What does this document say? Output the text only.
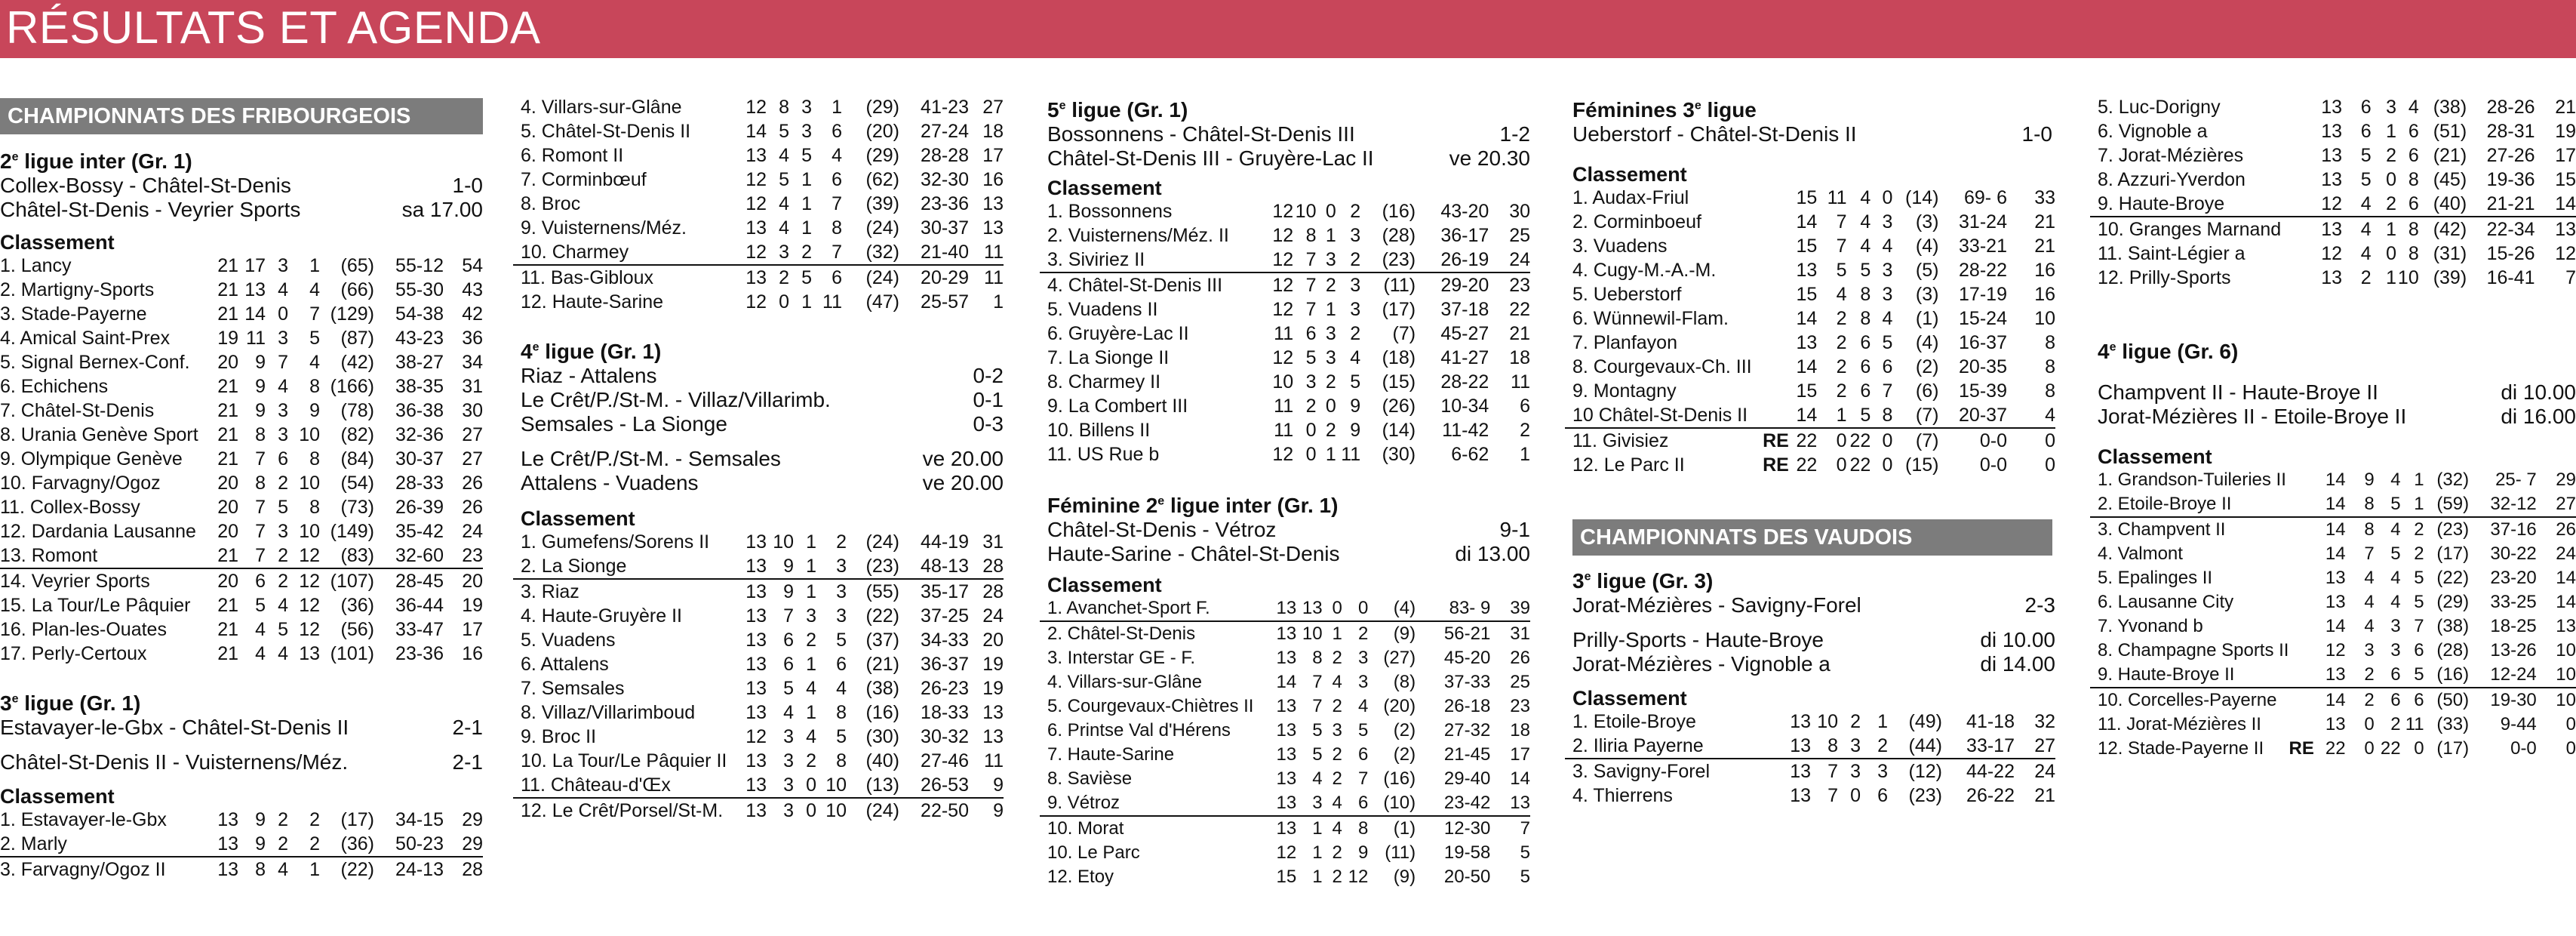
RÉSULTATS ET AGENDA
CHAMPIONNATS DES FRIBOURGEOIS
2e ligue inter (Gr. 1)
Collex-Bossy - Châtel-St-Denis	1-0
Châtel-St-Denis - Veyrier Sports	sa 17.00
Classement
1. Lancy	21	17	3	1	(65)	55-12	54
2. Martigny-Sports	21	13	4	4	(66)	55-30	43
3. Stade-Payerne	21	14	0	7	(129)	54-38	42
4. Amical Saint-Prex	19	11	3	5	(87)	43-23	36
5. Signal Bernex-Conf.	20	9	7	4	(42)	38-27	34
6. Echichens	21	9	4	8	(166)	38-35	31
7. Châtel-St-Denis	21	9	3	9	(78)	36-38	30
8. Urania Genève Sport	21	8	3	10	(82)	32-36	27
9. Olympique Genève	21	7	6	8	(84)	30-37	27
10. Farvagny/Ogoz	20	8	2	10	(54)	28-33	26
11. Collex-Bossy	20	7	5	8	(73)	26-39	26
12. Dardania Lausanne	20	7	3	10	(149)	35-42	24
13. Romont	21	7	2	12	(83)	32-60	23
14. Veyrier Sports	20	6	2	12	(107)	28-45	20
15. La Tour/Le Pâquier	21	5	4	12	(36)	36-44	19
16. Plan-les-Ouates	21	4	5	12	(56)	33-47	17
17. Perly-Certoux	21	4	4	13	(101)	23-36	16
3e ligue (Gr. 1)
Estavayer-le-Gbx - Châtel-St-Denis II	2-1
Châtel-St-Denis II - Vuisternens/Méz.	2-1
Classement
1. Estavayer-le-Gbx	13	9	2	2	(17)	34-15	29
2. Marly	13	9	2	2	(36)	50-23	29
3. Farvagny/Ogoz II	13	8	4	1	(22)	24-13	28
4. Villars-sur-Glâne	12	8	3	1	(29)	41-23	27
5. Châtel-St-Denis II	14	5	3	6	(20)	27-24	18
6. Romont II	13	4	5	4	(29)	28-28	17
7. Corminbœuf	12	5	1	6	(62)	32-30	16
8. Broc	12	4	1	7	(39)	23-36	13
9. Vuisternens/Méz.	13	4	1	8	(24)	30-37	13
10. Charmey	12	3	2	7	(32)	21-40	11
11. Bas-Gibloux	13	2	5	6	(24)	20-29	11
12. Haute-Sarine	12	0	1	11	(47)	25-57	1
4e ligue (Gr. 1)
Riaz - Attalens	0-2
Le Crêt/P./St-M. - Villaz/Villarimb.	0-1
Semsales - La Sionge	0-3
Le Crêt/P./St-M. - Semsales	ve 20.00
Attalens - Vuadens	ve 20.00
Classement
1. Gumefens/Sorens II	13	10	1	2	(24)	44-19	31
2. La Sionge	13	9	1	3	(23)	48-13	28
3. Riaz	13	9	1	3	(55)	35-17	28
4. Haute-Gruyère II	13	7	3	3	(22)	37-25	24
5. Vuadens	13	6	2	5	(37)	34-33	20
6. Attalens	13	6	1	6	(21)	36-37	19
7. Semsales	13	5	4	4	(38)	26-23	19
8. Villaz/Villarimboud	13	4	1	8	(16)	18-33	13
9. Broc II	12	3	4	5	(30)	30-32	13
10. La Tour/Le Pâquier II	13	3	2	8	(40)	27-46	11
11. Château-d'Œx	13	3	0	10	(13)	26-53	9
12. Le Crêt/Porsel/St-M.	13	3	0	10	(24)	22-50	9
5e ligue (Gr. 1)
Bossonnens - Châtel-St-Denis III	1-2
Châtel-St-Denis III - Gruyère-Lac II	ve 20.30
Classement
1. Bossonnens	12	10	0	2	(16)	43-20	30
2. Vuisternens/Méz. II	12	8	1	3	(28)	36-17	25
3. Siviriez II	12	7	3	2	(23)	26-19	24
4. Châtel-St-Denis III	12	7	2	3	(11)	29-20	23
5. Vuadens II	12	7	1	3	(17)	37-18	22
6. Gruyère-Lac II	11	6	3	2	(7)	45-27	21
7. La Sionge II	12	5	3	4	(18)	41-27	18
8. Charmey II	10	3	2	5	(15)	28-22	11
9. La Combert III	11	2	0	9	(26)	10-34	6
10. Billens II	11	0	2	9	(14)	11-42	2
11. US Rue b	12	0	1	11	(30)	6-62	1
Féminine 2e ligue inter (Gr. 1)
Châtel-St-Denis - Vétroz	9-1
Haute-Sarine - Châtel-St-Denis	di 13.00
Classement
1. Avanchet-Sport F.	13	13	0	0	(4)	83- 9	39
2. Châtel-St-Denis	13	10	1	2	(9)	56-21	31
3. Interstar GE - F.	13	8	2	3	(27)	45-20	26
4. Villars-sur-Glâne	14	7	4	3	(8)	37-33	25
5. Courgevaux-Chiètres II	13	7	2	4	(20)	26-18	23
6. Printse Val d'Hérens	13	5	3	5	(2)	27-32	18
7. Haute-Sarine	13	5	2	6	(2)	21-45	17
8. Savièse	13	4	2	7	(16)	29-40	14
9. Vétroz	13	3	4	6	(10)	23-42	13
10. Morat	13	1	4	8	(1)	12-30	7
10. Le Parc	12	1	2	9	(11)	19-58	5
12. Etoy	15	1	2	12	(9)	20-50	5
Féminines 3e ligue
Ueberstorf - Châtel-St-Denis II	1-0
Classement
1. Audax-Friul		15	11	4	0	(14)	69- 6	33
2. Corminboeuf		14	7	4	3	(3)	31-24	21
3. Vuadens		15	7	4	4	(4)	33-21	21
4. Cugy-M.-A.-M.		13	5	5	3	(5)	28-22	16
5. Ueberstorf		15	4	8	3	(3)	17-19	16
6. Wünnewil-Flam.		14	2	8	4	(1)	15-24	10
7. Planfayon		13	2	6	5	(4)	16-37	8
8. Courgevaux-Ch. III		14	2	6	6	(2)	20-35	8
9. Montagny		15	2	6	7	(6)	15-39	8
10 Châtel-St-Denis II		14	1	5	8	(7)	20-37	4
11. Givisiez	RE	22	0	22	0	(7)	0-0	0
12. Le Parc II	RE	22	0	22	0	(15)	0-0	0
CHAMPIONNATS DES VAUDOIS
3e ligue (Gr. 3)
Jorat-Mézières - Savigny-Forel	2-3
Prilly-Sports - Haute-Broye	di 10.00
Jorat-Mézières - Vignoble a	di 14.00
Classement
1. Etoile-Broye	13	10	2	1	(49)	41-18	32
2. Iliria Payerne	13	8	3	2	(44)	33-17	27
3. Savigny-Forel	13	7	3	3	(12)	44-22	24
4. Thierrens	13	7	0	6	(23)	26-22	21
5. Luc-Dorigny		13	6	3	4	(38)	28-26	21
6. Vignoble a		13	6	1	6	(51)	28-31	19
7. Jorat-Mézières		13	5	2	6	(21)	27-26	17
8. Azzuri-Yverdon		13	5	0	8	(45)	19-36	15
9. Haute-Broye		12	4	2	6	(40)	21-21	14
10. Granges Marnand		13	4	1	8	(42)	22-34	13
11. Saint-Légier a		12	4	0	8	(31)	15-26	12
12. Prilly-Sports		13	2	1	10	(39)	16-41	7
4e ligue (Gr. 6)
Champvent II - Haute-Broye II	di 10.00
Jorat-Mézières II - Etoile-Broye II	di 16.00
Classement
1. Grandson-Tuileries II		14	9	4	1	(32)	25- 7	29
2. Etoile-Broye II		14	8	5	1	(59)	32-12	27
3. Champvent II		14	8	4	2	(23)	37-16	26
4. Valmont		14	7	5	2	(17)	30-22	24
5. Epalinges II		13	4	4	5	(22)	23-20	14
6. Lausanne City		13	4	4	5	(29)	33-25	14
7. Yvonand b		14	4	3	7	(38)	18-25	13
8. Champagne Sports II		12	3	3	6	(28)	13-26	10
9. Haute-Broye II		13	2	6	5	(16)	12-24	10
10. Corcelles-Payerne		14	2	6	6	(50)	19-30	10
11. Jorat-Mézières II		13	0	2	11	(33)	9-44	0
12. Stade-Payerne II	RE	22	0	22	0	(17)	0-0	0
